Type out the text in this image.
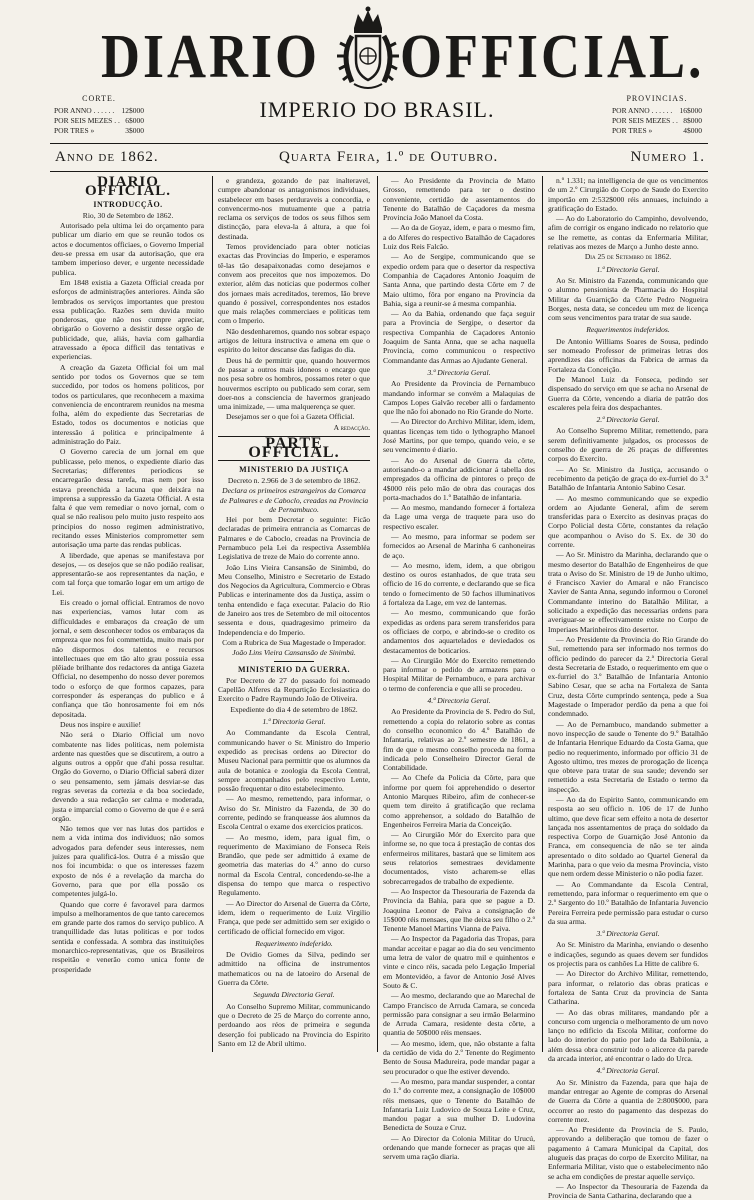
DIARIO OFFICIAL.
IMPERIO DO BRASIL.
CORTE.
POR ANNO . . . . . . 12$000
POR SEIS MEZES . . 6$000
POR TRES »	3$000
PROVINCIAS.
POR ANNO . . . . . . 16$000
POR SEIS MEZES . . 8$000
POR TRES »	4$000
Anno de 1862.	Quarta Feira, 1.º de Outubro.	Numero 1.
DIARIO OFFICIAL.
INTRODUCÇÃO.

Rio, 30 de Setembro de 1862.

Autorisado pela ultima lei do orçamento para publicar um diario em que se reunão todos os actos e documentos officiaes, o Governo Imperial deu-se pressa em usar da autorisação, que era tambem imperioso dever, e urgente necessidade publica.

Em 1848 existia a Gazeta Official creada por esforços de administrações anteriores. Ainda são lembrados os serviços importantes que prestou essa publicação. Razões sem duvida muito ponderosas, que não nos cumpre apreciar, obrigarão o Governo a desistir desse orgão de publicidade, que, aliás, havia com galhardia atravessado a época difficil das tentativas e experiencias.

A creação da Gazeta Official foi um mal sentido por todos os Governos que se tem succedido, por todos os homens politicos, por todos os particulares, que reconhecem a maxima conveniencia de encontrarem reunidos na mesma folha, além do expediente das Secretarias de Estado, todos os documentos e noticias que interessão á politica e principalmente á administração do Paiz.

O Governo carecia de um jornal em que publicasse, pelo menos, o expediente diario das Secretarias; differentes periodicos se encarregarão dessa tarefa, mas nem por isso estava preenchida a lacuna que deixára na imprensa a suppressão da Gazeta Official. A esta falta é que vem remediar o novo jornal, com o qual se não realisou pelo muito justo respeito aos principios do nosso regimen administrativo, recitando esses Ministerios comprometter sem autorisação uma parte das rendas publicas.

A liberdade, que apenas se manifestava por desejos, — os desejos que se não podião realisar, appresentarão-se aos representantes da nação, e com tal força que tomarão logar em um artigo de Lei.

Eis creado o jornal official. Entramos de novo nas experiencias, vamos lutar com as difficuldades e embaraços da creação de um jornal, e sem desconhecer todos os embaraços da empreza que nos foi commettida, muito mais por não dispormos dos talentos e recursos intellectuaes que em tão alto grau possuia essa plêiade brilhante dos redactores da antiga Gazeta Official, no desempenho do nosso dever poremos todo o esforço de que formos capazes, para corresponder ás esperanças do publico e á confiança que tão honrosamente foi em nós depositada.

Deus nos inspire e auxilie!

Não será o Diario Official um novo combatente nas lides politicas, nem polemista ardente nas questões que se discutirem, a outro a alguns outros a oppôr que d'ahi possa resultar. Orgão do Governo, o Diario Official saberá dizer o seu pensamento, sem jámais desviar-se das regras severas da cortezia e da boa sociedade, devendo a sua redacção ser calma e moderada, justa e imparcial como o Governo de que é e será orgão.

Não temos que ver nas lutas dos partidos e nem a vida intima dos individuos; não somos advogados para defender seus interesses, nem juizes para qualificá-los. Outra é a missão que nos foi incumbida: o que os interesses fazem exposto de nós é a revelação da marcha do Governo, para que por ella possão os competentes julgá-lo.

Quando que corre é favoravel para darmos impulso a melhoramentos de que tanto carecemos em grande parte dos ramos do serviço publico. A tranquillidade das lutas politicas e por todos sentida e confessada. A sombra das instituições monarchico-representativas, que os Brasileiros respeitão e venerão como unica fonte de prosperidade

e grandeza, gozando de paz inalteravel, cumpre abandonar os antagonismos individuaes, estabelecer em bases perduraveis a concordia, e convencermo-nos mutuamente que a patria reclama os serviços de todos os seus filhos sem distincção, para eleva-la á altura, a que foi destinada.

Temos providenciado para obter noticias exactas das Provincias do Imperio, e esperamos tê-las tão desapaixonadas como desejamos e convem aos preceitos que nos impozemos. Do exterior, além das noticias que podermos colher dos jornaes mais acreditados, teremos, Ião breve quando é possivel, correspondentes nos estados que mais relações commerciaes e politicas tem com o Imperio.

Não desdenharemos, quando nos sobrar espaço artigos de leitura instructiva e amena em que o espirito do leitor descanse das fadigas do dia.

Deus há de permittir que, quando houvermos de passar a outros mais idoneos o encargo que nos pesa sobre os hombros, possamos reter o que houvermos escripto ou publicado sem corar, sem doer-nos a consciencia de havermos granjeado uma inimizade, — uma malquerença se quer.

Desejamos ser o que foi a Gazeta Official.

A redacção.

PARTE OFFICIAL.
MINISTERIO DA JUSTIÇA

Decreto n. 2.966 de 3 de setembro de 1862.

Declara os primeiros estrangeiros da Comarca de Palmares e de Caboclo, creadas na Provincia de Pernambuco.

Hei por bem Decretar o seguinte: Ficão declaradas de primeira entrancia as Comarcas de Palmares e de Caboclo, creadas na Provincia de Pernambuco pela Lei da respectiva Assembléa Legislativa de treze de Maio do corrente anno.

João Lins Vieira Cansansão de Sinimbú, do Meu Conselho, Ministro e Secretario de Estado dos Negocios da Agricultura, Commercio e Obras Publicas e interinamente dos da Justiça, assim o tenha entendido e faça executar. Palacio do Rio de Janeiro aos tres de Setembro de mil oitocentos sessenta e dous, quadragesimo primeiro da Independencia e do Imperio.

Com a Rubrica de Sua Magestade o Imperador.

João Lins Vieira Cansansão de Sinimbú.

MINISTERIO DA GUERRA.

Por Decreto de 27 do passado foi nomeado Capellão Alferes da Repartição Ecclesiastica do Exercito o Padre Raymundo João de Oliveira.

Expediente do dia 4 de setembro de 1862.

1.ª Directoria Geral.

Ao Commandante da Escola Central, communicando haver o Sr. Ministro do Imperio expedido as precisas ordens ao Director do Museu Nacional para permittir que os alumnos da aula de botanica e zoologia da Escola Central, sempre acompanhados pelo respectivo Lente, possão frequentar o dito estabelecimento.

— Ao mesmo, remettendo, para informar, o Aviso do Sr. Ministro da Fazenda, de 30 do corrente, pedindo se franqueasse áos alumnos da Escola Central o exame dos exercicios praticos.

— Ao mesmo, idem, para igual fim, o requerimento de Maximiano de Fonseca Reis Brandão, que pede ser admittido á exame de geometria das materias do 4.º anno do curso normal da Escola Central, concedendo-se-lhe a dispensa do tempo que marca o respectivo Regulamento.

— Ao Director do Arsenal de Guerra da Côrte, idem, idem o requerimento de Luiz Virgilio França, que pede ser admittido sem ser exigido o certificado de official fornecido em vigor.

Requerimento indeferido.

De Ovidio Gomes da Silva, pedindo ser admittido na officina de instrumentos mathematicos ou na de latoeiro do Arsenal de Guerra da Côrte.

Segunda Directoria Geral.

Ao Conselho Supremo Militar, communicando que o Decreto de 25 de Março do corrente anno, perdoando aos réos de primeira e segunda deserção foi publicado na Provincia do Espirito Santo em 12 de Abril ultimo.

— Ao Presidente da Provincia de Matto Grosso, remettendo para ter o destino conveniente, certidão de assentamentos do Tenente do Batalhão de Caçadores da mesma Provincia João Manoel da Costa.

— Ao da de Goyaz, idem, e para o mesmo fim, a do Alferes do respectivo Batalhão de Caçadores Luiz dos Reis Falcão.

— Ao de Sergipe, communicando que se expedio ordem para que o desertor da respectiva Companhia de Caçadores Antonio Joaquim de Santa Anna, que partindo desta Côrte em 7 de Maio ultimo, fôra por engano na Provincia da Bahia, siga a reunir-se á mesma companhia.

— Ao da Bahia, ordenando que faça seguir para a Provincia de Sergipe, o desertor da respectiva Companhia de Caçadores Antonio Joaquim de Santa Anna, que se acha naquella Provincia, como communicou o respectivo Commandante das Armas ao Ajudante General.

3.ª Directoria Geral.

Ao Presidente da Provincia de Pernambuco mandando informar se convém a Malaquias de Campos Lopes Galvão receber alli o fardamento que lhe não foi abonado no Rio Grande do Norte.

— Ao Director do Archivo Militar, idem, idem, quantas licenças tem tido o lythographo Manoel José Martins, por que tempo, quando veio, e se seu vencimento é diario.

— Ao do Arsenal de Guerra da côrte, autorisando-o a mandar addicionar á tabella dos empregados da officina de pintores o preço de 4$000 réis pelo mão de obra das couraças dos porta-machados do 1.º Batalhão de infantaria.

— Ao mesmo, mandando fornecer á fortaleza da Lage uma verga de traquete para uso do respectivo escaler.

— Ao mesmo, para informar se podem ser fornecidos ao Arsenal de Marinha 6 canhoneiras de aço.

— Ao mesmo, idem, idem, a que obrigou destino os ouros estanhados, de que trata seu officio de 16 do corrente, e declarando que se fica tendo o fornecimento de 50 fachos illuminativos á fortaleza da Lage, em vez de lanternas.

— Ao mesmo, communicando que forão expedidas as ordens para serem transferidos para os officiaes de corpo, e abrindo-se o credito os andamentos dos aquartelados e deviedados os destacamentos de boticarios.

— Ao Cirurgião Mór do Exercito remettendo para informar o pedido de armazens para o Hospital Militar de Pernambuco, e para archivar o termo de conferencia e que alli se procedeu.

4.ª Directoria Geral.

Ao Presidente da Provincia de S. Pedro do Sul, remettendo a copia do relatorio sobre as contas do conselho economico do 4.º Batalhão de Infantaria, relativas ao 2.º semestre de 1861, a fim de que o mesmo conselho proceda na forma indicada pelo Conselheiro Director Geral de Contabilidade.

— Ao Chefe da Policia da Côrte, para que informe por quem foi apprehendido o desertor Antonio Marques Ribeiro, afim de conhecer-se quem tem direito á gratificação que reclama como apprehensor, a soldado do Batalhão de Engenheiros Ferreira Maria da Conceição.

— Ao Cirurgião Mór do Exercito para que informe se, no que toca á prestação de contas dos enfermeiros militares, bastará que se limitem aos seus relatorios semestraes devidamente documentados, visto acharem-se ellas sobrecarregados de trabalho de expediente.

— Ao Inspector da Thesouraria de Fazenda da Provincia da Bahia, para que se pague a D. Joaquina Leonor de Paiva a consignação de 15$000 réis mensaes, que lhe deixa seu filho o 2.º Tenente Manoel Martins Vianna de Paiva.

— Ao Inspector da Pagadoria das Tropas, para mandar acceitar e pagar ao dia do seu vencimento uma letra de valor de quatro mil e quinhentos e vinte e cinco réis, sacada pelo Legação Imperial em Montevidéo, a favor de Antonio José Alves Souto & C.

— Ao mesmo, declarando que ao Marechal de Campo Francisco de Arruda Camara, se conceda permissão para consignar a seu irmão Belarmino de Arruda Camara, residente desta côrte, a quantia de 50$000 réis mensaes.

— Ao mesmo, idem, que, não obstante a falta da certidão de vida do 2.º Tenente do Regimento Bento de Sousa Madureira, pode mandar pagar a seu procurador o que lhe estiver devendo.

— Ao mesmo, para mandar suspender, a contar do 1.º do corrente mez, a consignação de 10$000 réis mensaes, que o Tenente do Batalhão de Infantaria Luiz Ludovico de Souza Leite e Cruz, mandou pagar a sua mulher D. Ludovina Benedicta de Souza e Cruz.

— Ao Director da Colonia Militar do Urucú, ordenando que mande fornecer as praças que ali servem uma ração diaria.

n.º 1.331; na intelligencia de que os vencimentos de um 2.º Cirurgião do Corpo de Saude do Exercito importão em 2:532$000 réis annuaes, incluindo a gratificação do Estado.

— Ao do Laboratorio do Campinho, devolvendo, afim de corrigir os engano indicado no relatorio que se lhe remette, as contas da Enfermaria Militar, relativas aos mezes de Março a Junho deste anno.

Dia 25 de Setembro de 1862.

1.ª Directoria Geral.

Ao Sr. Ministro da Fazenda, communicando que o alumno pensionista de Pharmacia do Hospital Militar da Guarnição da Côrte Pedro Nogueira Borges, nesta data, se concedeu um mez de licença com seus vencimentos para tratar de sua saude.

Requerimentos indeferidos.

De Antonio Williams Soares de Sousa, pedindo ser nomeado Professor de primeiras letras dos aprendizes das officinas da Fabrica de armas da Fortaleza da Conceição.

De Manoel Luiz da Fonseca, pedindo ser dispensado do serviço em que se acha no Arsenal de Guerra da Côrte, vencendo a diaria de patrão dos escaleres pela feira dos despachantes.

2.ª Directoria Geral.

Ao Conselho Supremo Militar, remettendo, para serem definitivamente julgados, os processos de conselho de guerra de 26 praças de differentes corpos do Exercito.

— Ao Sr. Ministro da Justiça, accusando o recebimento da petição de graça do ex-furriel do 3.º Batalhão de Infantaria Antonio Sabino Cesar.

— Ao mesmo communicando que se expedio ordem ao Ajudante General, afim de serem transferidas para o Exercito as desinvas praças do Corpo Policial desta Côrte, constantes da relação que acompanhou o Aviso do S. Ex. de 30 do corrente.

— Ao Sr. Ministro da Marinha, declarando que o mesmo desertor do Batalhão de Engenheiros de que trata o Aviso do Sr. Ministro de 19 de Junho ultimo, é Francisco Xavier do Amaral e não Francisco Xavier de Santa Anna, segundo informou o Coronel Commandante interino do Batalhão Militar, a solicitado a expedição das necessarias ordens para averiguar-se se effectivamente existe no Corpo de Imperiaes Marinheiros dito desertor.

— Ao Presidente da Provincia do Rio Grande do Sul, remettendo para ser informado nos termos do officio pedindo do parecer da 2.ª Directoria Geral desta Secretaria de Estado, o requerimento em que o ex-furriel do 3.º Batalhão de Infantaria Antonio Sabino Cesar, que se acha na Fortaleza de Santa Cruz, desta Côrte cumprindo sentença, pede a Sua Magestade o Imperador perdão da pena a que foi condemnado.

— Ao de Pernambuco, mandando submetter a novo inspecção de saude o Tenente do 9.º Batalhão de Infantaria Henrique Eduardo da Costa Gama, que pedio no requerimento, informado por officio 31 de Agosto ultimo, tres mezes de prorogação de licença que obteve para tratar de sua saude; devendo ser remettido a esta Secretaria de Estado o termo da inspecção.

— Ao da do Espirito Santo, communicando em resposta ao seu officio n. 106 de 17 de Junho ultimo, que deve ficar sem effeito a nota de desertor lançada nos assentamentos de praça do soldado da respectiva Corpo de Guarnição José Antonio da Franca, em consequencia de não se ter ainda apresentado o dito soldado ao Quartel General da Marinha, para o que veio da mesma Provincia, visto que nem ordem desse Ministerio o não podia fazer.

— Ao Commandante da Escola Central, remettendo, para informar o requerimento em que o 2.º Sargento do 10.º Batalhão de Infantaria Juvencio Pereira Ferreira pede permissão para estudar o curso da sua arma.

3.ª Directoria Geral.

Ao Sr. Ministro da Marinha, enviando o desenho e indicações, segundo as quaes devem ser fundidos os projectis para os canhões La Hitte de calibre 6.

— Ao Director do Archivo Militar, remettendo, para informar, o relatorio das obras praticas e fortaleza de Santa Cruz da provincia de Santa Catharina.

— Ao das obras militares, mandando pôr a concurso com urgencia o melhoramento de um novo lanço no edificio da Escola Militar, conforme do lado do interior do patio por lado da Babilonia, a além dessa obra construir todo o alicerce da parede da arcada interior, até encontrar o lado do Urca.

4.ª Directoria Geral.

Ao Sr. Ministro da Fazenda, para que haja de mandar entregar ao Agente de compras do Arsenal de Guerra da Côrte a quantia de 2:800$000, para occorrer ao resto do pagamento das despezas do corrente mez.

— Ao Presidente da Provincia de S. Paulo, approvando a deliberação que tomou de fazer o pagamento á Camara Municipal da Capital, dos alugueis das praças do corpo de Exercito Militar, na Enfermaria Militar, visto que o estabelecimento não se acha em condições de prestar aquelle serviço.

— Ao Inspector da Thesouraria de Fazenda da Provincia de Santa Catharina, declarando que a
